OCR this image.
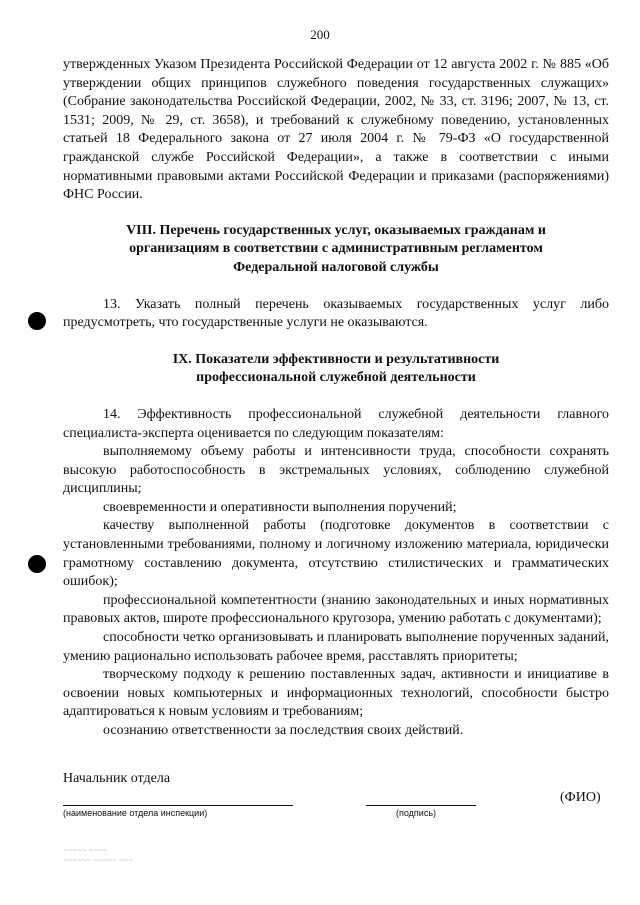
200

утвержденных Указом Президента Российской Федерации от 12 августа 2002 г. № 885 «Об утверждении общих принципов служебного поведения государственных служащих» (Собрание законодательства Российской Федерации, 2002, № 33, ст. 3196; 2007, № 13, ст. 1531; 2009, № 29, ст. 3658), и требований к служебному поведению, установленных статьей 18 Федерального закона от 27 июля 2004 г. № 79-ФЗ «О государственной гражданской службе Российской Федерации», а также в соответствии с иными нормативными правовыми актами Российской Федерации и приказами (распоряжениями) ФНС России.

VIII. Перечень государственных услуг, оказываемых гражданам и организациям в соответствии с административным регламентом Федеральной налоговой службы

13. Указать полный перечень оказываемых государственных услуг либо предусмотреть, что государственные услуги не оказываются.

IX. Показатели эффективности и результативности профессиональной служебной деятельности

14. Эффективность профессиональной служебной деятельности главного специалиста-эксперта оценивается по следующим показателям:

выполняемому объему работы и интенсивности труда, способности сохранять высокую работоспособность в экстремальных условиях, соблюдению служебной дисциплины;

своевременности и оперативности выполнения поручений;

качеству выполненной работы (подготовке документов в соответствии с установленными требованиями, полному и логичному изложению материала, юридически грамотному составлению документа, отсутствию стилистических и грамматических ошибок);

профессиональной компетентности (знанию законодательных и иных нормативных правовых актов, широте профессионального кругозора, умению работать с документами);

способности четко организовывать и планировать выполнение порученных заданий, умению рационально использовать рабочее время, расставлять приоритеты;

творческому подходу к решению поставленных задач, активности и инициативе в освоении новых компьютерных и информационных технологий, способности быстро адаптироваться к новым условиям и требованиям;

осознанию ответственности за последствия своих действий.

Начальник отдела
(наименование отдела инспекции)	(подпись)
(ФИО)
~~~~~ ~~~~
~~~~~~ ~~~~~ ~~~
